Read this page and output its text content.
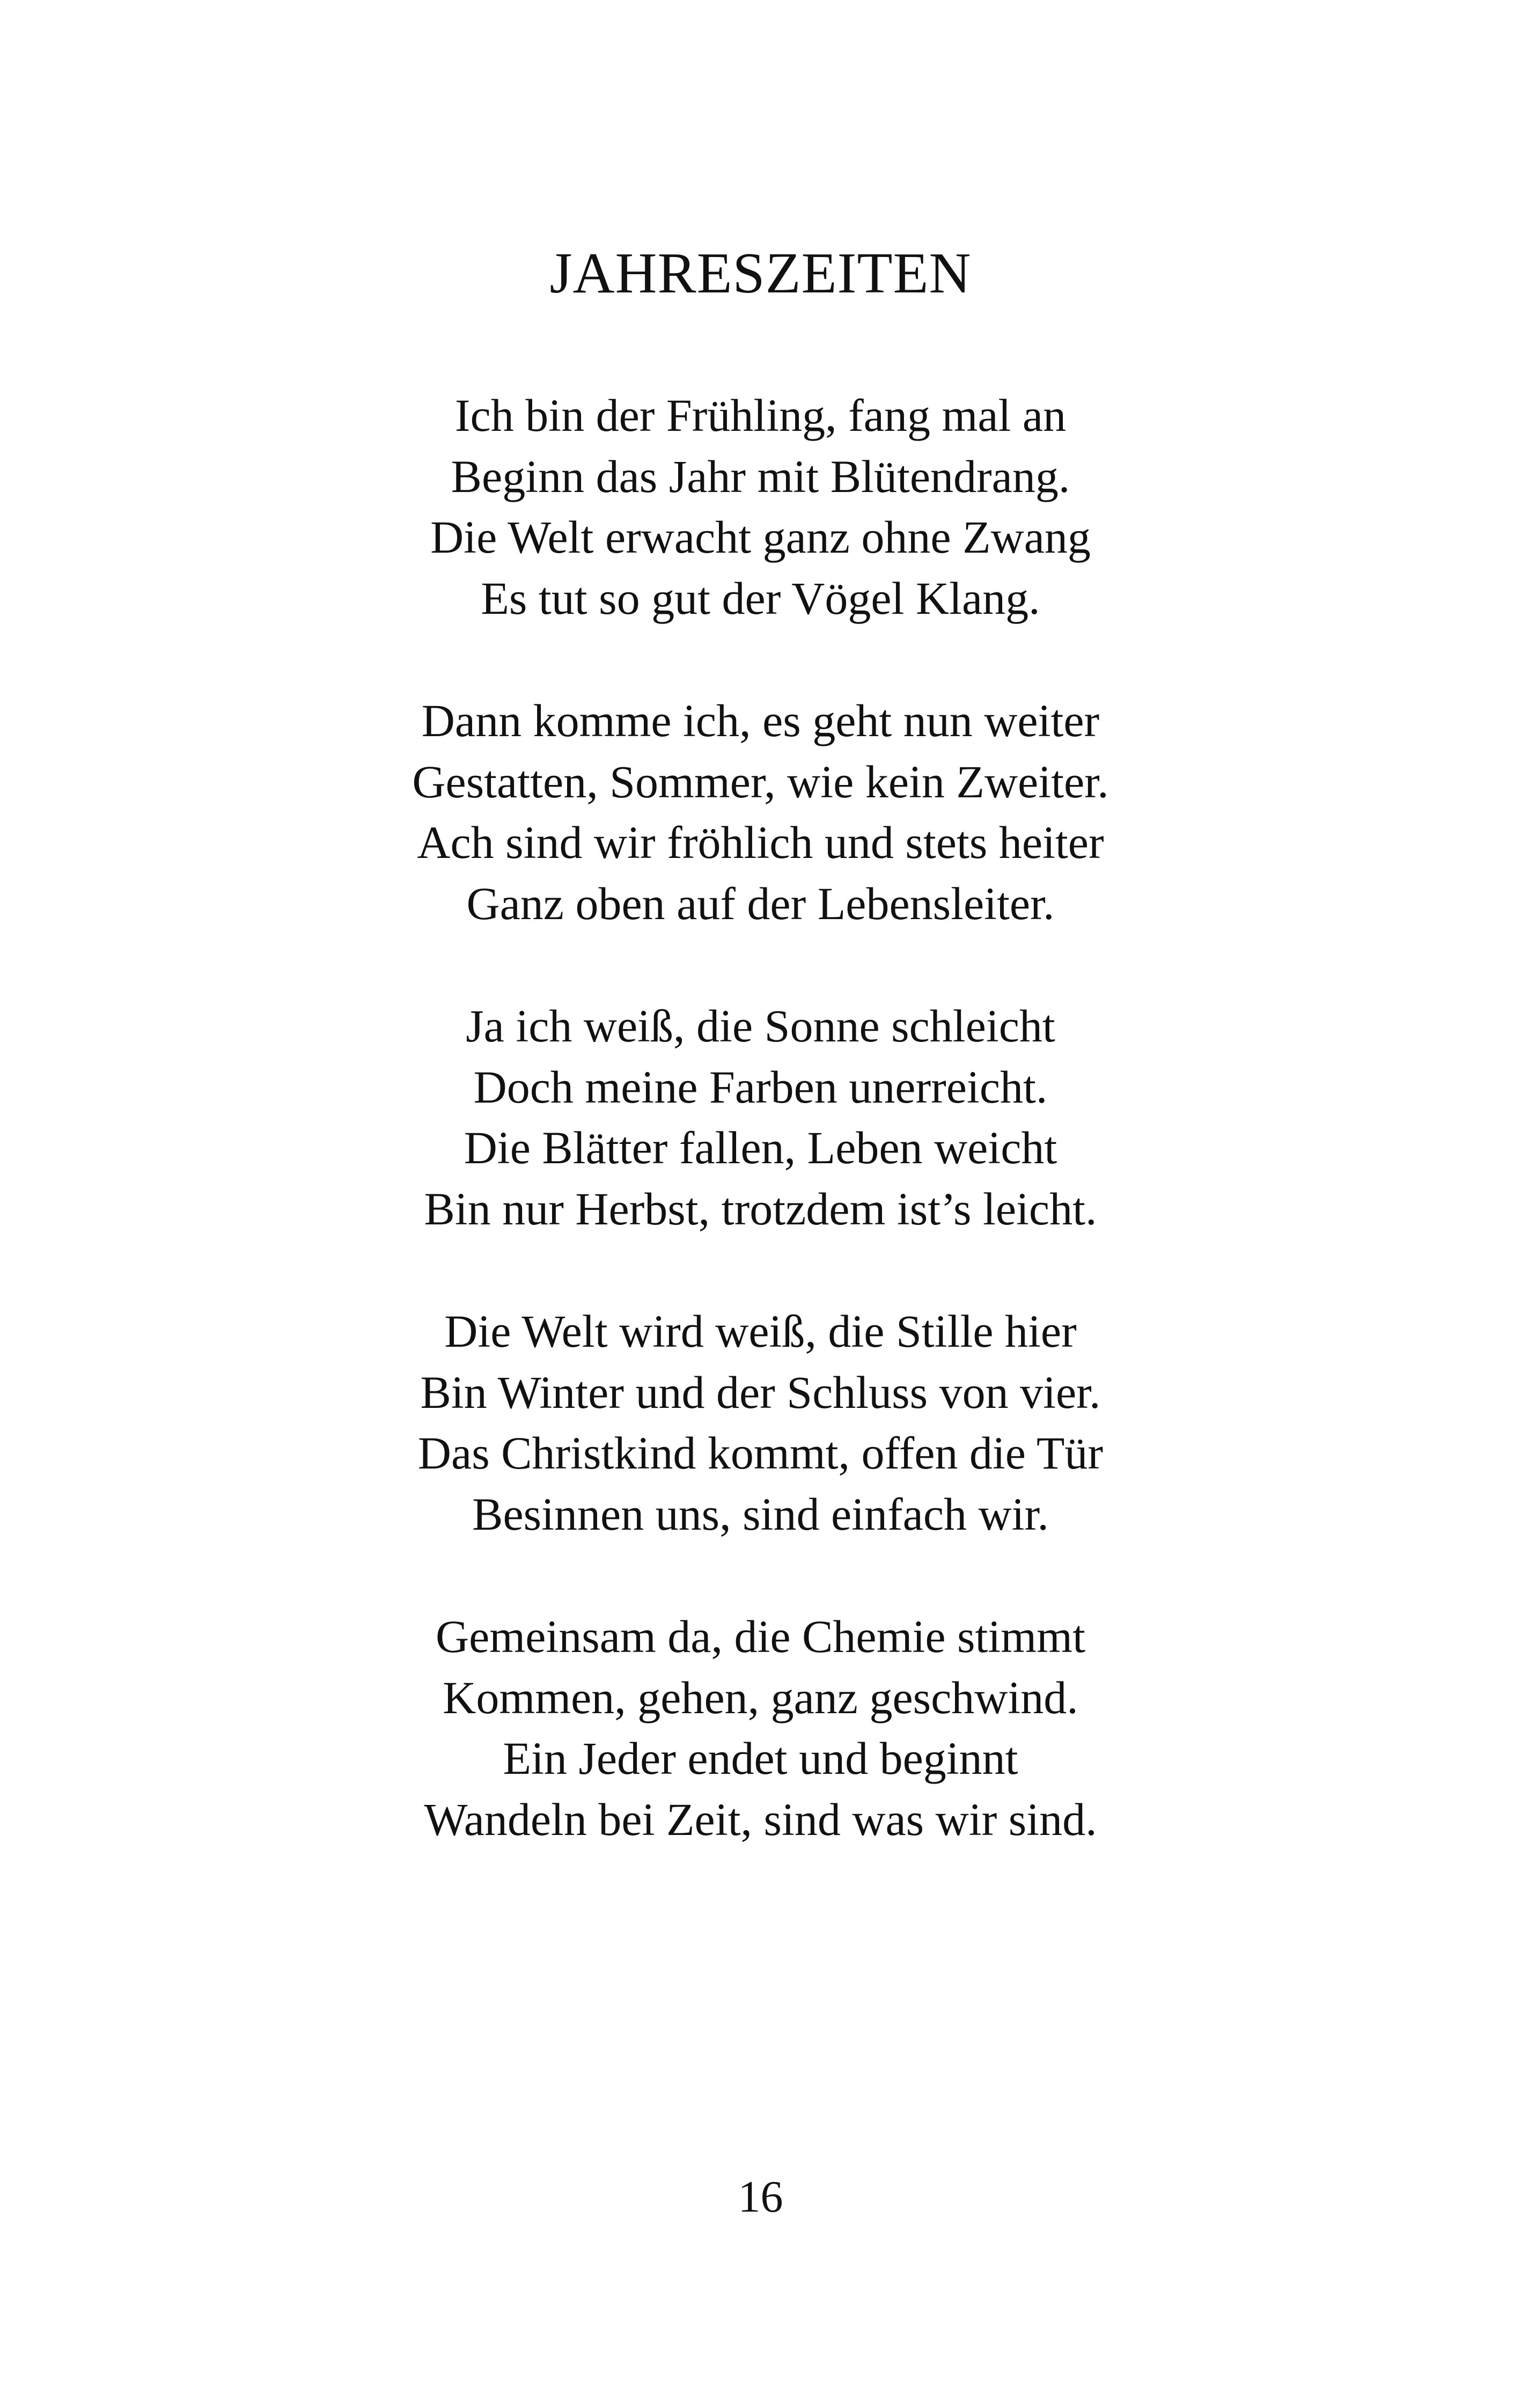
JAHRESZEITEN
Ich bin der Frühling, fang mal an
Beginn das Jahr mit Blütendrang.
Die Welt erwacht ganz ohne Zwang
Es tut so gut der Vögel Klang.
Dann komme ich, es geht nun weiter
Gestatten, Sommer, wie kein Zweiter.
Ach sind wir fröhlich und stets heiter
Ganz oben auf der Lebensleiter.
Ja ich weiß, die Sonne schleicht
Doch meine Farben unerreicht.
Die Blätter fallen, Leben weicht
Bin nur Herbst, trotzdem ist’s leicht.
Die Welt wird weiß, die Stille hier
Bin Winter und der Schluss von vier.
Das Christkind kommt, offen die Tür
Besinnen uns, sind einfach wir.
Gemeinsam da, die Chemie stimmt
Kommen, gehen, ganz geschwind.
Ein Jeder endet und beginnt
Wandeln bei Zeit, sind was wir sind.
16
